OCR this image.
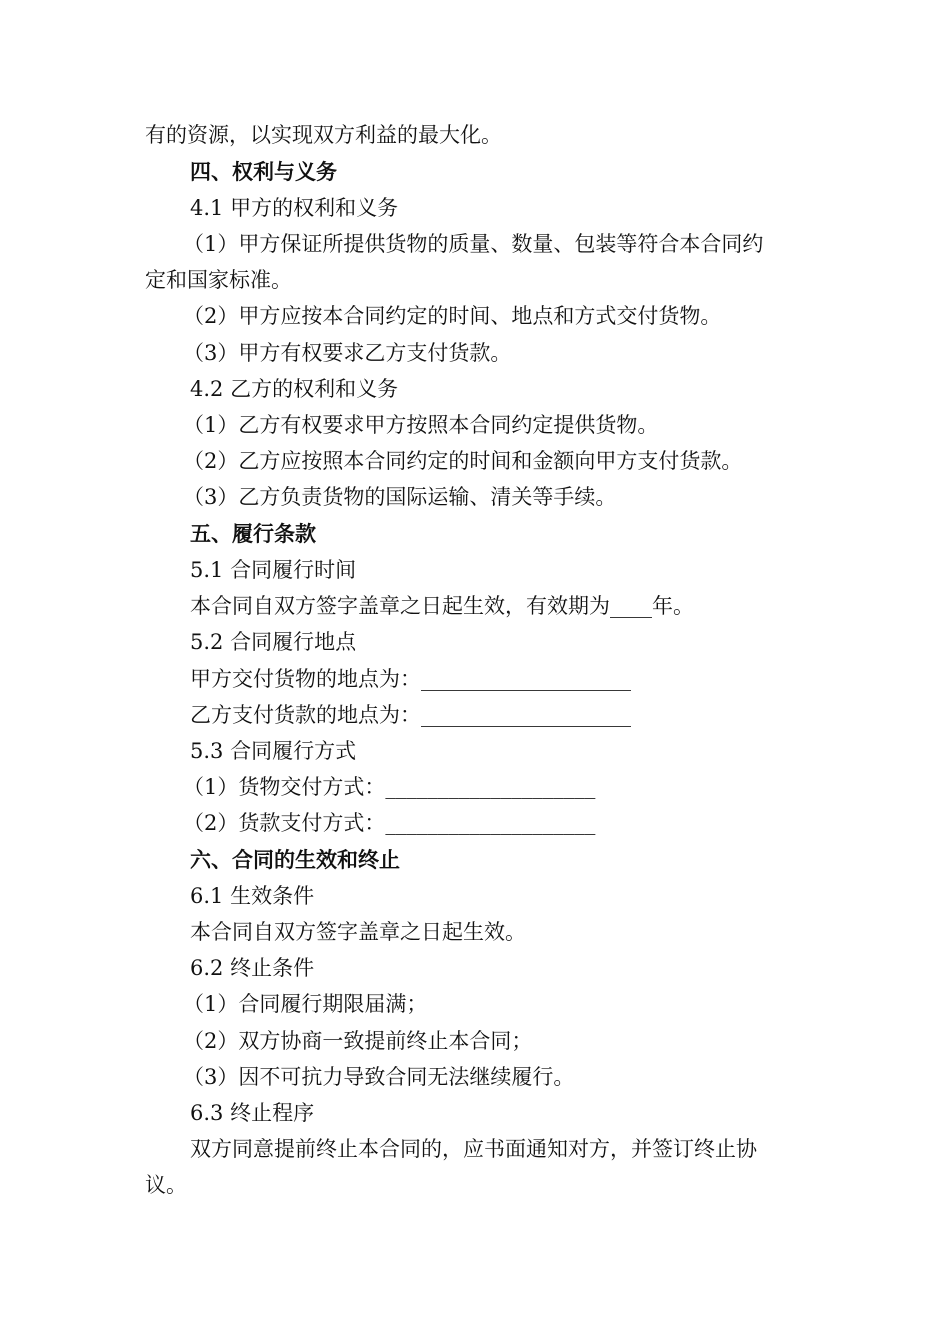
有的资源，以实现双方利益的最大化。
四、权利与义务
4.1 甲方的权利和义务
（1）甲方保证所提供货物的质量、数量、包装等符合本合同约
定和国家标准。
（2）甲方应按本合同约定的时间、地点和方式交付货物。
（3）甲方有权要求乙方支付货款。
4.2 乙方的权利和义务
（1）乙方有权要求甲方按照本合同约定提供货物。
（2）乙方应按照本合同约定的时间和金额向甲方支付货款。
（3）乙方负责货物的国际运输、清关等手续。
五、履行条款
5.1 合同履行时间
本合同自双方签字盖章之日起生效，有效期为____年。
5.2 合同履行地点
甲方交付货物的地点为：____________________
乙方支付货款的地点为：____________________
5.3 合同履行方式
（1）货物交付方式：____________________
（2）货款支付方式：____________________
六、合同的生效和终止
6.1 生效条件
本合同自双方签字盖章之日起生效。
6.2 终止条件
（1）合同履行期限届满；
（2）双方协商一致提前终止本合同；
（3）因不可抗力导致合同无法继续履行。
6.3 终止程序
双方同意提前终止本合同的，应书面通知对方，并签订终止协
议。
